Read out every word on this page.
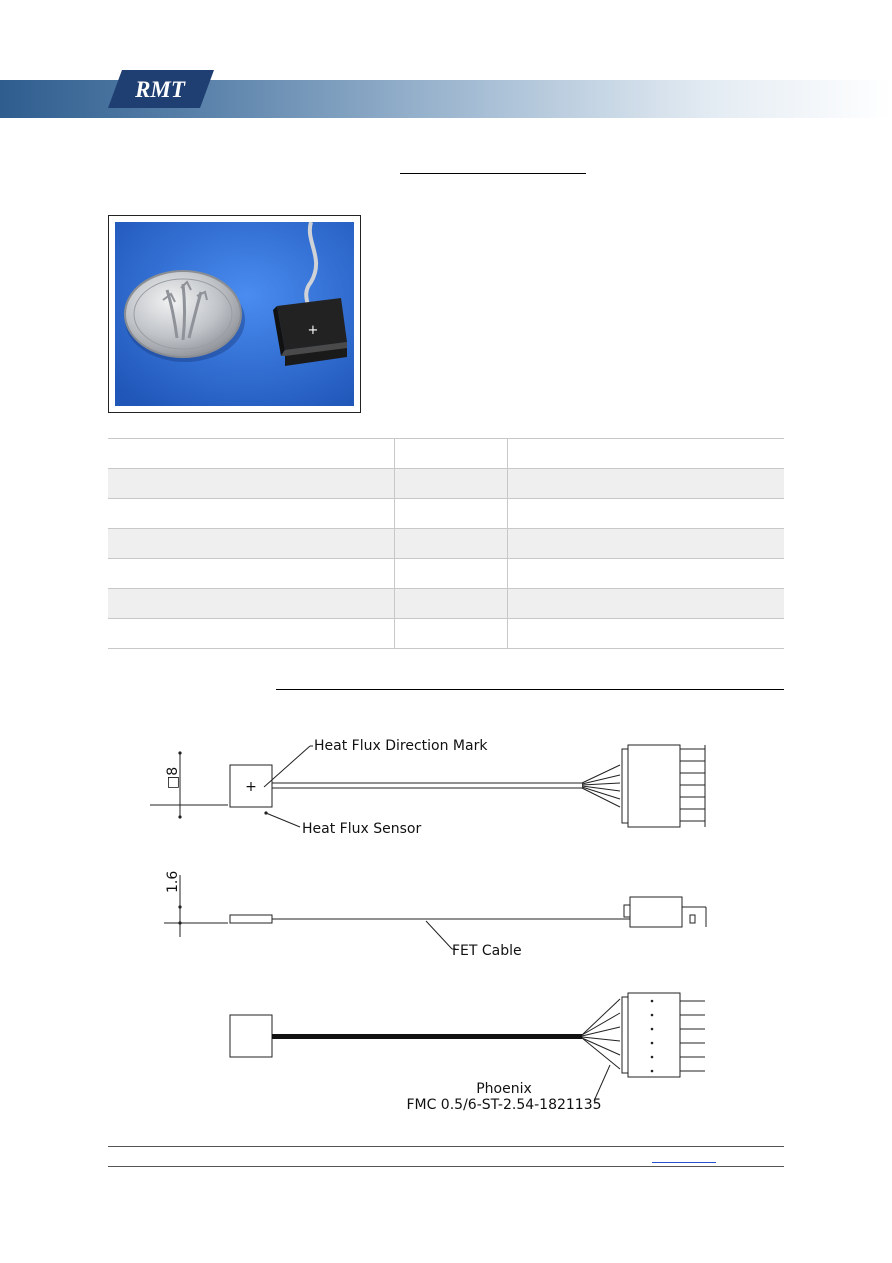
RMT
+

+
□8
Heat Flux Direction Mark
Heat Flux Sensor
1.6
FET Cable
Phoenix
FMC 0.5/6-ST-2.54-1821135
